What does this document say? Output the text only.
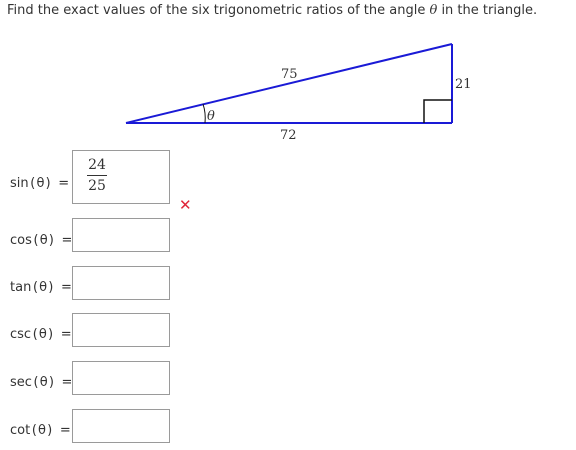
Find the exact values of the six trigonometric ratios of the angle θ in the triangle.
75
72
21
θ
sin(θ) =
24
25
✕
cos(θ) =
tan(θ) =
csc(θ) =
sec(θ) =
cot(θ) =
